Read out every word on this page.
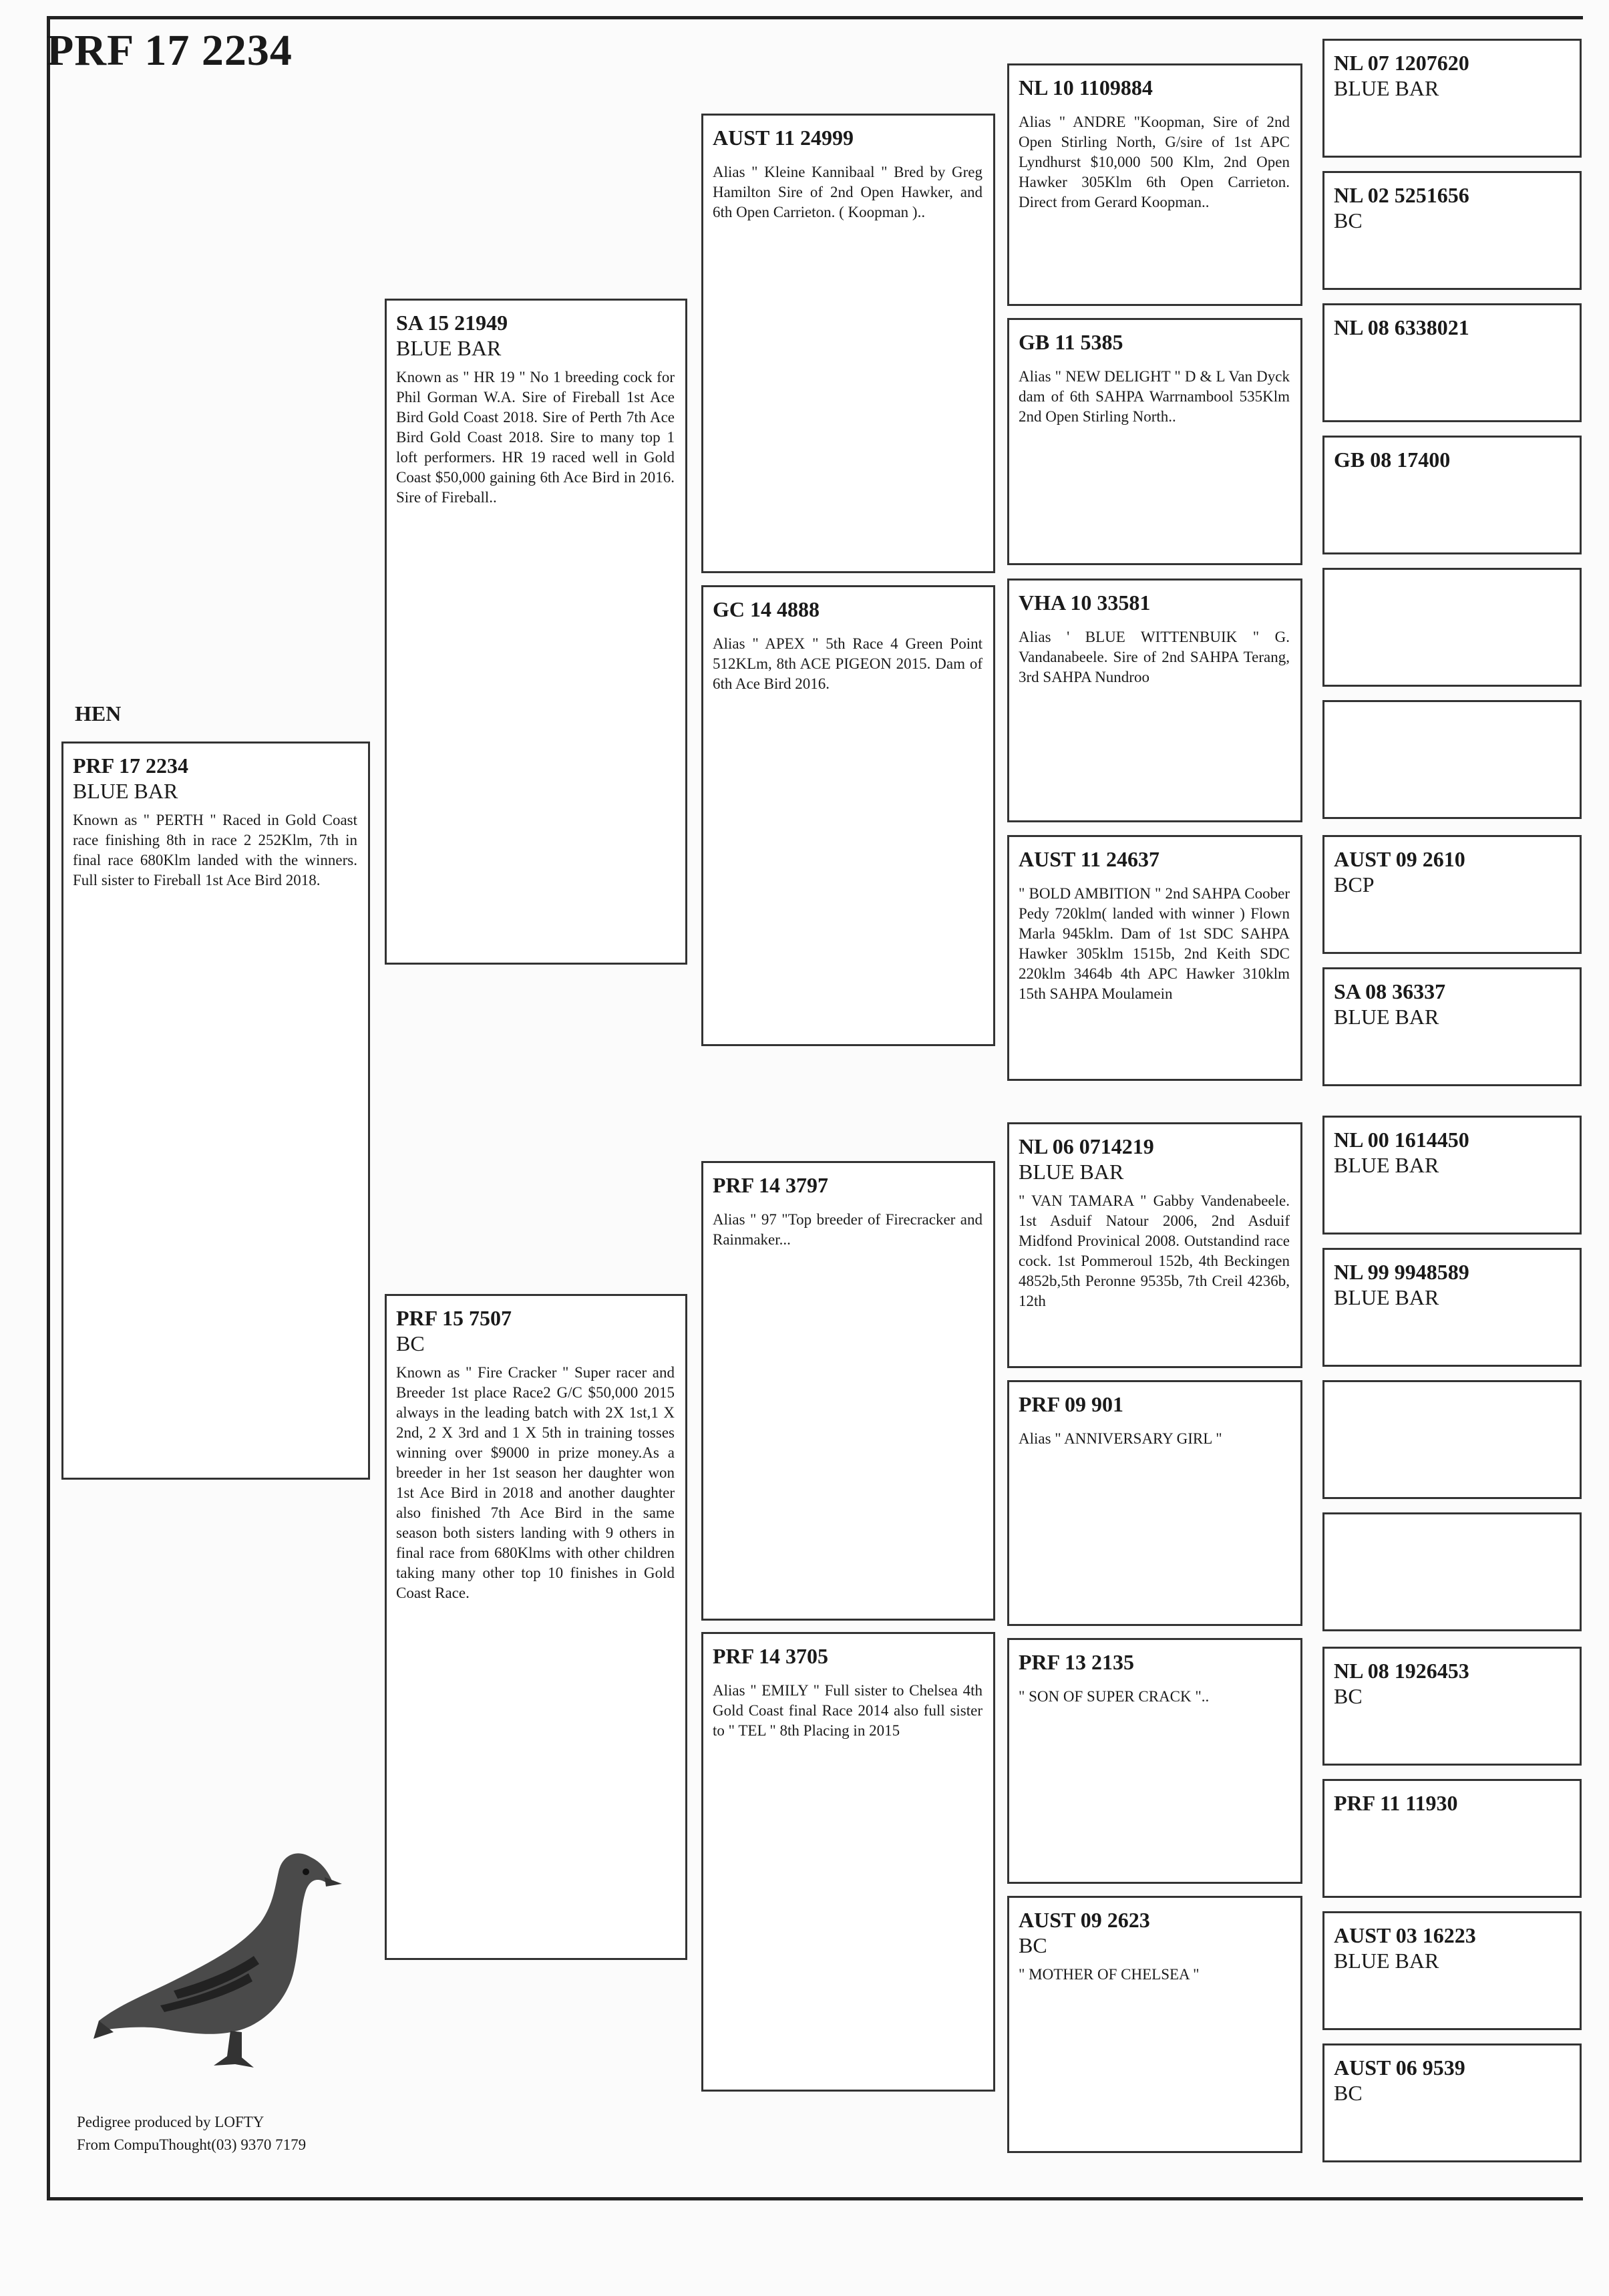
PRF 17 2234
HEN
PRF 17 2234
BLUE BAR
Known as " PERTH " Raced in Gold Coast race finishing 8th in race 2 252Klm, 7th in final race 680Klm landed with the winners. Full sister to Fireball 1st Ace Bird 2018.
SA 15 21949
BLUE BAR
Known as " HR 19 " No 1 breeding cock for Phil Gorman W.A. Sire of Fireball 1st Ace Bird Gold Coast 2018. Sire of Perth 7th Ace Bird Gold Coast 2018. Sire to many top 1 loft performers. HR 19 raced well in Gold Coast $50,000 gaining 6th Ace Bird in 2016. Sire of Fireball..
PRF 15 7507
BC
Known as " Fire Cracker " Super racer and Breeder 1st place Race2 G/C $50,000 2015 always in the leading batch with 2X 1st,1 X 2nd, 2 X 3rd and 1 X 5th in training tosses winning over $9000 in prize money.As a breeder in her 1st season her daughter won 1st Ace Bird in 2018 and another daughter also finished 7th Ace Bird in the same season both sisters landing with 9 others in final race from 680Klms with other children taking many other top 10 finishes in Gold Coast Race.
AUST 11 24999
Alias " Kleine Kannibaal " Bred by Greg Hamilton Sire of 2nd Open Hawker, and 6th Open Carrieton. ( Koopman )..
GC 14 4888
Alias " APEX " 5th Race 4 Green Point 512KLm, 8th ACE PIGEON 2015. Dam of 6th Ace Bird 2016.
PRF 14 3797
Alias " 97 "Top breeder of Firecracker and Rainmaker...
PRF 14 3705
Alias " EMILY " Full sister to Chelsea 4th Gold Coast final Race 2014 also full sister to " TEL " 8th Placing in 2015
NL 10 1109884
Alias " ANDRE "Koopman, Sire of 2nd Open Stirling North, G/sire of 1st APC Lyndhurst $10,000 500 Klm, 2nd Open Hawker 305Klm 6th Open Carrieton. Direct from Gerard Koopman..
GB 11 5385
Alias " NEW DELIGHT " D & L Van Dyck dam of 6th SAHPA Warrnambool 535Klm 2nd Open Stirling North..
VHA 10 33581
Alias ' BLUE WITTENBUIK " G. Vandanabeele. Sire of 2nd SAHPA Terang, 3rd SAHPA Nundroo
AUST 11 24637
" BOLD AMBITION " 2nd SAHPA Coober Pedy 720klm( landed with winner ) Flown Marla 945klm. Dam of 1st SDC SAHPA Hawker 305klm 1515b, 2nd Keith SDC 220klm 3464b 4th APC Hawker 310klm 15th SAHPA Moulamein
NL 06 0714219
BLUE BAR
" VAN TAMARA " Gabby Vandenabeele. 1st Asduif Natour 2006, 2nd Asduif Midfond Provinical 2008. Outstandind race cock. 1st Pommeroul 152b, 4th Beckingen 4852b,5th Peronne 9535b, 7th Creil 4236b, 12th
PRF 09 901
Alias " ANNIVERSARY GIRL "
PRF 13 2135
" SON OF SUPER CRACK "..
AUST 09 2623
BC
" MOTHER OF CHELSEA "
NL 07 1207620
BLUE BAR
NL 02 5251656
BC
NL 08 6338021
GB 08 17400
AUST 09 2610
BCP
SA 08 36337
BLUE BAR
NL 00 1614450
BLUE BAR
NL 99 9948589
BLUE BAR
NL 08 1926453
BC
PRF 11 11930
AUST 03 16223
BLUE BAR
AUST 06 9539
BC
Pedigree produced by LOFTY
From CompuThought(03) 9370 7179
